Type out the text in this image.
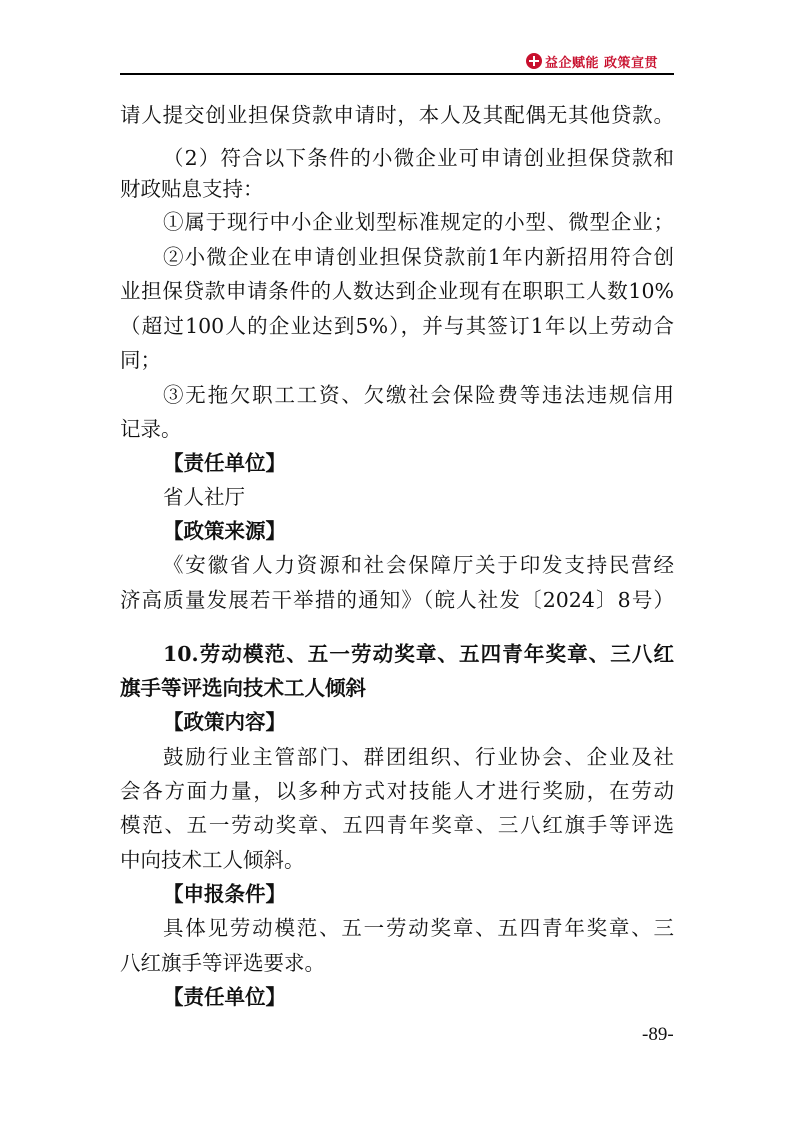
益企赋能 政策宣贯
请人提交创业担保贷款申请时，本人及其配偶无其他贷款。
（2）符合以下条件的小微企业可申请创业担保贷款和
财政贴息支持：
①属于现行中小企业划型标准规定的小型、微型企业；
②小微企业在申请创业担保贷款前1年内新招用符合创
业担保贷款申请条件的人数达到企业现有在职职工人数10%
（超过100人的企业达到5%），并与其签订1年以上劳动合
同；
③无拖欠职工工资、欠缴社会保险费等违法违规信用
记录。
【责任单位】
省人社厅
【政策来源】
《安徽省人力资源和社会保障厅关于印发支持民营经
济高质量发展若干举措的通知》（皖人社发〔2024〕8号）
10.劳动模范、五一劳动奖章、五四青年奖章、三八红
旗手等评选向技术工人倾斜
【政策内容】
鼓励行业主管部门、群团组织、行业协会、企业及社
会各方面力量，以多种方式对技能人才进行奖励，在劳动
模范、五一劳动奖章、五四青年奖章、三八红旗手等评选
中向技术工人倾斜。
【申报条件】
具体见劳动模范、五一劳动奖章、五四青年奖章、三
八红旗手等评选要求。
【责任单位】
-89-
